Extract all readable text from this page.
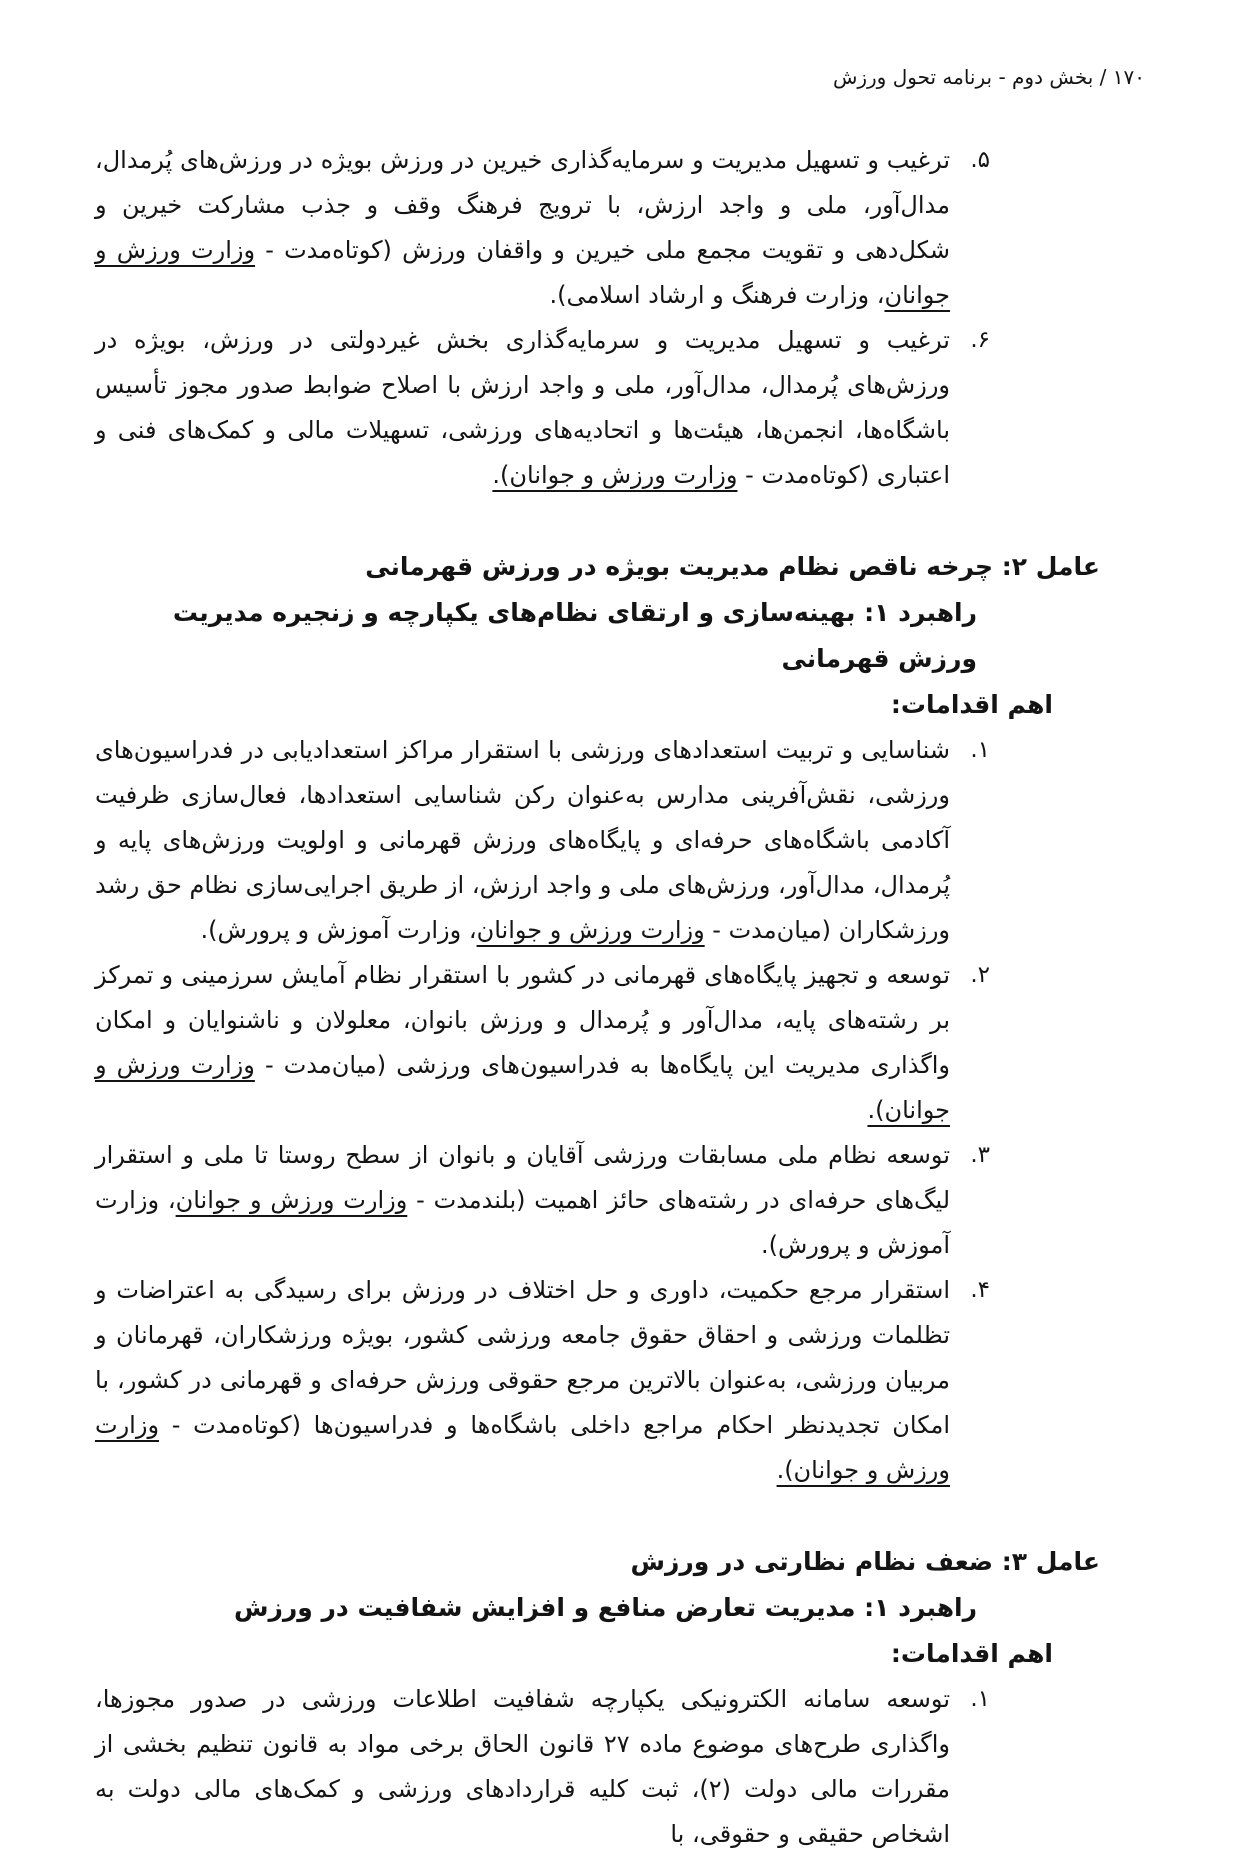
۱۷۰ / بخش دوم - برنامه تحول ورزش
۵.
ترغیب و تسهیل مدیریت و سرمایه‌گذاری خیرین در ورزش بویژه در ورزش‌های پُرمدال، مدال‌آور، ملی و واجد ارزش، با ترویج فرهنگ وقف و جذب مشارکت خیرین و شکل‌دهی و تقویت مجمع ملی خیرین و واقفان ورزش (کوتاه‌مدت - وزارت ورزش و جوانان، وزارت فرهنگ و ارشاد اسلامی).
۶.
ترغیب و تسهیل مدیریت و سرمایه‌گذاری بخش غیردولتی در ورزش، بویژه در ورزش‌های پُرمدال، مدال‌آور، ملی و واجد ارزش با اصلاح ضوابط صدور مجوز تأسیس باشگاه‌ها، انجمن‌ها، هیئت‌ها و اتحادیه‌های ورزشی، تسهیلات مالی و کمک‌های فنی و اعتباری (کوتاه‌مدت - وزارت ورزش و جوانان).
عامل ۲: چرخه ناقص نظام مدیریت بویژه در ورزش قهرمانی
راهبرد ۱: بهینه‌سازی و ارتقای نظام‌های یکپارچه و زنجیره مدیریت ورزش قهرمانی
اهم اقدامات:
۱.
شناسایی و تربیت استعدادهای ورزشی با استقرار مراکز استعدادیابی در فدراسیون‌های ورزشی، نقش‌آفرینی مدارس به‌عنوان رکن شناسایی استعدادها، فعال‌سازی ظرفیت آکادمی باشگاه‌های حرفه‌ای و پایگاه‌های ورزش قهرمانی و اولویت ورزش‌های پایه و پُرمدال، مدال‌آور، ورزش‌های ملی و واجد ارزش، از طریق اجرایی‌سازی نظام حق رشد ورزشکاران (میان‌مدت - وزارت ورزش و جوانان، وزارت آموزش و پرورش).
۲.
توسعه و تجهیز پایگاه‌های قهرمانی در کشور با استقرار نظام آمایش سرزمینی و تمرکز بر رشته‌های پایه، مدال‌آور و پُرمدال و ورزش بانوان، معلولان و ناشنوایان و امکان واگذاری مدیریت این پایگاه‌ها به فدراسیون‌های ورزشی (میان‌مدت - وزارت ورزش و جوانان).
۳.
توسعه نظام ملی مسابقات ورزشی آقایان و بانوان از سطح روستا تا ملی و استقرار لیگ‌های حرفه‌ای در رشته‌های حائز اهمیت (بلندمدت - وزارت ورزش و جوانان، وزارت آموزش و پرورش).
۴.
استقرار مرجع حکمیت، داوری و حل اختلاف در ورزش برای رسیدگی به اعتراضات و تظلمات ورزشی و احقاق حقوق جامعه ورزشی کشور، بویژه ورزشکاران، قهرمانان و مربیان ورزشی، به‌عنوان بالاترین مرجع حقوقی ورزش حرفه‌ای و قهرمانی در کشور، با امکان تجدیدنظر احکام مراجع داخلی باشگاه‌ها و فدراسیون‌ها (کوتاه‌مدت - وزارت ورزش و جوانان).
عامل ۳: ضعف نظام نظارتی در ورزش
راهبرد ۱: مدیریت تعارض منافع و افزایش شفافیت در ورزش
اهم اقدامات:
۱.
توسعه سامانه الکترونیکی یکپارچه شفافیت اطلاعات ورزشی در صدور مجوزها، واگذاری طرح‌های موضوع ماده ۲۷ قانون الحاق برخی مواد به قانون تنظیم بخشی از مقررات مالی دولت (۲)، ثبت کلیه قراردادهای ورزشی و کمک‌های مالی دولت به اشخاص حقیقی و حقوقی، با
